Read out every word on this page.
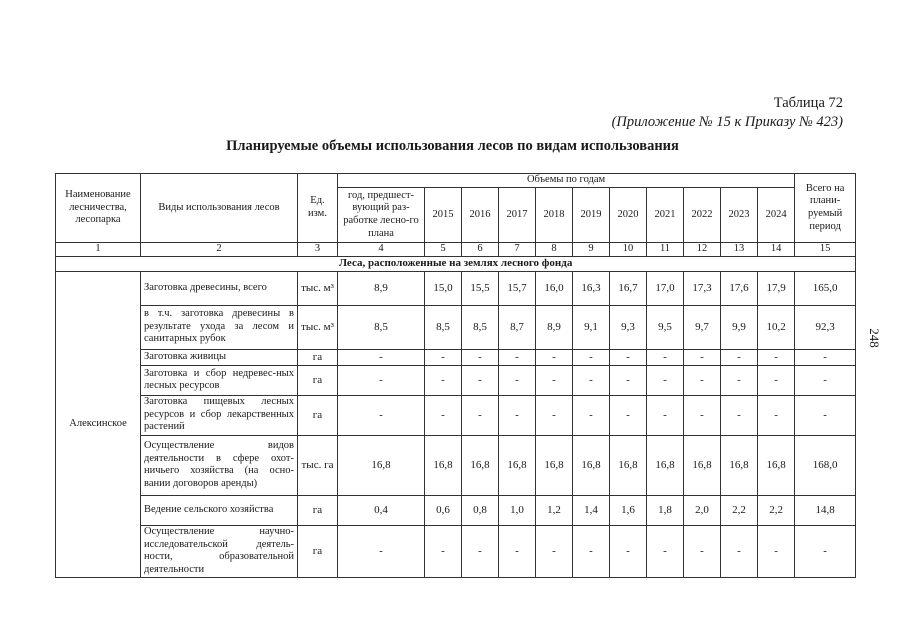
Таблица 72
(Приложение № 15 к Приказу № 423)
Планируемые объемы использования лесов по видам использования
248
Наименование лесничества, лесопарка	Виды использования лесов	Ед. изм.	Объемы по годам											Всего на плани-руемый период
			год, предшест-вующий раз-работке лесно-го плана	2015	2016	2017	2018	2019	2020	2021	2022	2023	2024	
1	2	3	4	5	6	7	8	9	10	11	12	13	14	15
Леса, расположенные на землях лесного фонда														
Алексинское	Заготовка древесины, всего	тыс. м³	8,9	15,0	15,5	15,7	16,0	16,3	16,7	17,0	17,3	17,6	17,9	165,0
	в т.ч. заготовка древесины в результате ухода за лесом и санитарных рубок	тыс. м³	8,5	8,5	8,5	8,7	8,9	9,1	9,3	9,5	9,7	9,9	10,2	92,3
	Заготовка живицы	га	-	-	-	-	-	-	-	-	-	-	-	-
	Заготовка и сбор недревес-ных лесных ресурсов	га	-	-	-	-	-	-	-	-	-	-	-	-
	Заготовка пищевых лесных ресурсов и сбор лекарственных растений	га	-	-	-	-	-	-	-	-	-	-	-	-
	Осуществление видов деятельности в сфере охот-ничьего хозяйства (на осно-вании договоров аренды)	тыс. га	16,8	16,8	16,8	16,8	16,8	16,8	16,8	16,8	16,8	16,8	16,8	168,0
	Ведение сельского хозяйства	га	0,4	0,6	0,8	1,0	1,2	1,4	1,6	1,8	2,0	2,2	2,2	14,8
	Осуществление научно-исследовательской деятель-ности, образовательной деятельности	га	-	-	-	-	-	-	-	-	-	-	-	-
